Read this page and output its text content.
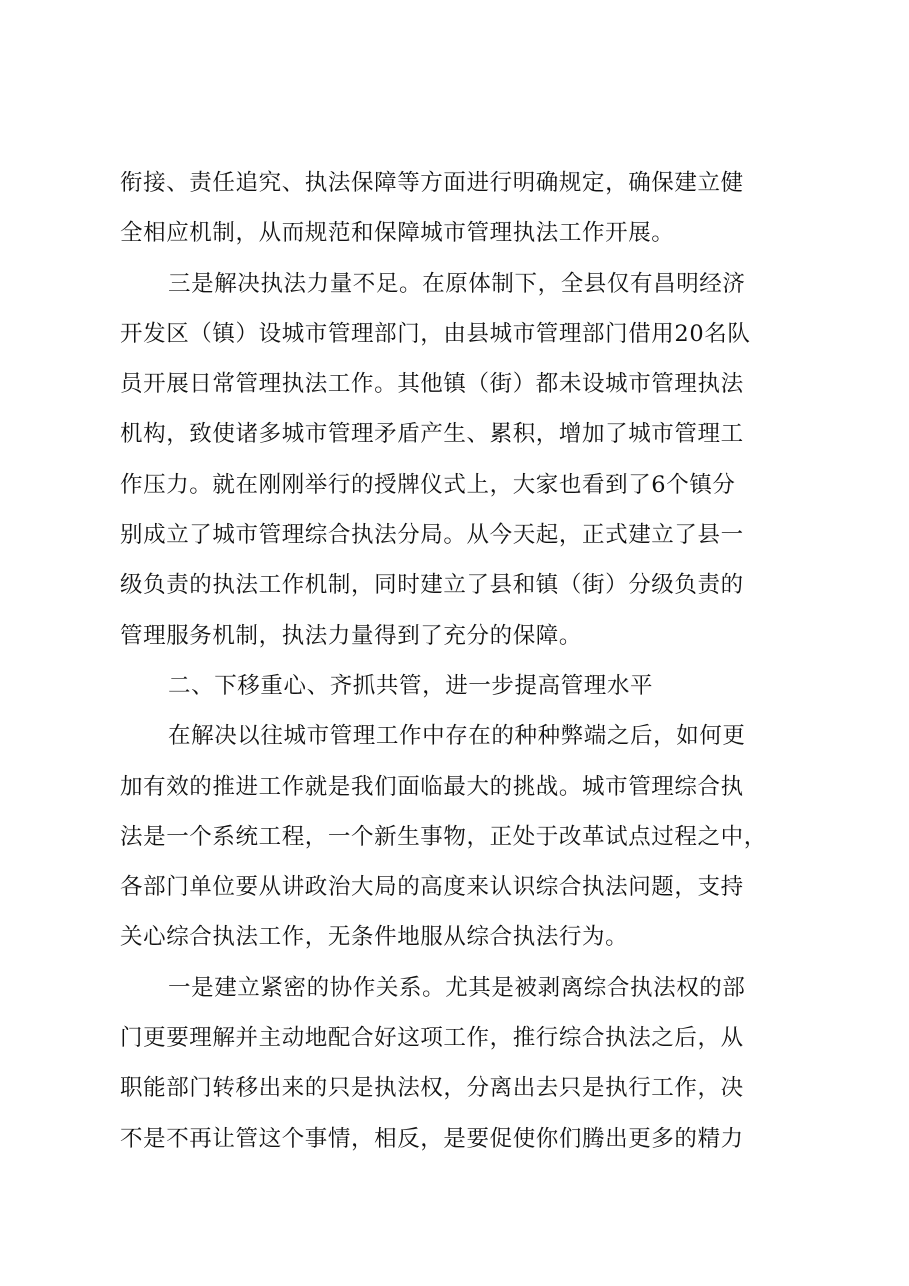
衔接、责任追究、执法保障等方面进行明确规定，确保建立健
全相应机制，从而规范和保障城市管理执法工作开展。
三是解决执法力量不足。在原体制下，全县仅有昌明经济
开发区（镇）设城市管理部门，由县城市管理部门借用20名队
员开展日常管理执法工作。其他镇（街）都未设城市管理执法
机构，致使诸多城市管理矛盾产生、累积，增加了城市管理工
作压力。就在刚刚举行的授牌仪式上，大家也看到了6个镇分
别成立了城市管理综合执法分局。从今天起，正式建立了县一
级负责的执法工作机制，同时建立了县和镇（街）分级负责的
管理服务机制，执法力量得到了充分的保障。
二、下移重心、齐抓共管，进一步提高管理水平
在解决以往城市管理工作中存在的种种弊端之后，如何更
加有效的推进工作就是我们面临最大的挑战。城市管理综合执
法是一个系统工程，一个新生事物，正处于改革试点过程之中，
各部门单位要从讲政治大局的高度来认识综合执法问题，支持
关心综合执法工作，无条件地服从综合执法行为。
一是建立紧密的协作关系。尤其是被剥离综合执法权的部
门更要理解并主动地配合好这项工作，推行综合执法之后，从
职能部门转移出来的只是执法权，分离出去只是执行工作，决
不是不再让管这个事情，相反，是要促使你们腾出更多的精力
